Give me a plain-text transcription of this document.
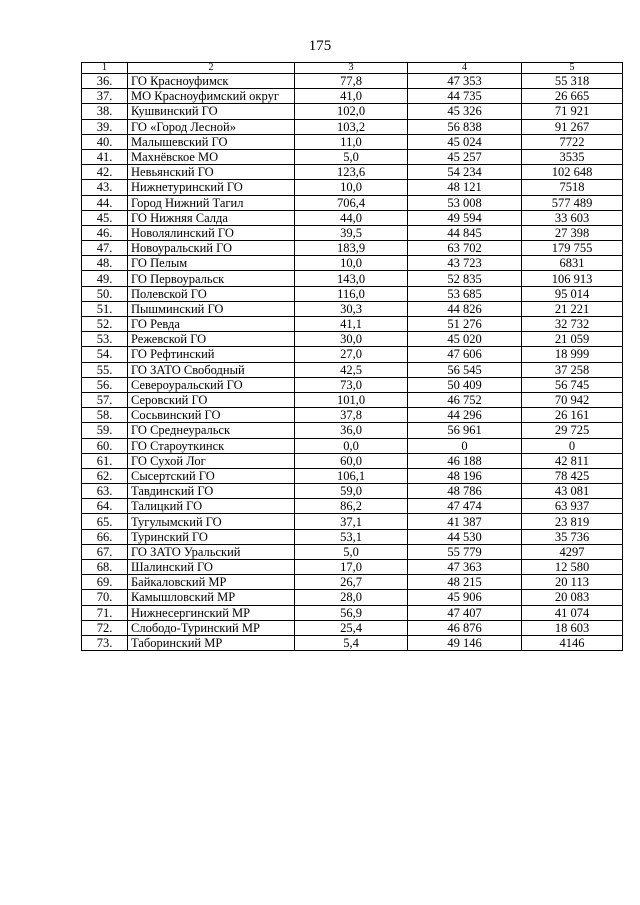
175
1	2	3	4	5
36.	ГО Красноуфимск	77,8	47 353	55 318
37.	МО Красноуфимский округ	41,0	44 735	26 665
38.	Кушвинский ГО	102,0	45 326	71 921
39.	ГО «Город Лесной»	103,2	56 838	91 267
40.	Малышевский ГО	11,0	45 024	7722
41.	Махнёвское МО	5,0	45 257	3535
42.	Невьянский ГО	123,6	54 234	102 648
43.	Нижнетуринский ГО	10,0	48 121	7518
44.	Город Нижний Тагил	706,4	53 008	577 489
45.	ГО Нижняя Салда	44,0	49 594	33 603
46.	Новолялинский ГО	39,5	44 845	27 398
47.	Новоуральский ГО	183,9	63 702	179 755
48.	ГО Пелым	10,0	43 723	6831
49.	ГО Первоуральск	143,0	52 835	106 913
50.	Полевской ГО	116,0	53 685	95 014
51.	Пышминский ГО	30,3	44 826	21 221
52.	ГО Ревда	41,1	51 276	32 732
53.	Режевской ГО	30,0	45 020	21 059
54.	ГО Рефтинский	27,0	47 606	18 999
55.	ГО ЗАТО Свободный	42,5	56 545	37 258
56.	Североуральский ГО	73,0	50 409	56 745
57.	Серовский ГО	101,0	46 752	70 942
58.	Сосьвинский ГО	37,8	44 296	26 161
59.	ГО Среднеуральск	36,0	56 961	29 725
60.	ГО Староуткинск	0,0	0	0
61.	ГО Сухой Лог	60,0	46 188	42 811
62.	Сысертский ГО	106,1	48 196	78 425
63.	Тавдинский ГО	59,0	48 786	43 081
64.	Талицкий ГО	86,2	47 474	63 937
65.	Тугулымский ГО	37,1	41 387	23 819
66.	Туринский ГО	53,1	44 530	35 736
67.	ГО ЗАТО Уральский	5,0	55 779	4297
68.	Шалинский ГО	17,0	47 363	12 580
69.	Байкаловский МР	26,7	48 215	20 113
70.	Камышловский МР	28,0	45 906	20 083
71.	Нижнесергинский МР	56,9	47 407	41 074
72.	Слободо-Туринский МР	25,4	46 876	18 603
73.	Таборинский МР	5,4	49 146	4146
